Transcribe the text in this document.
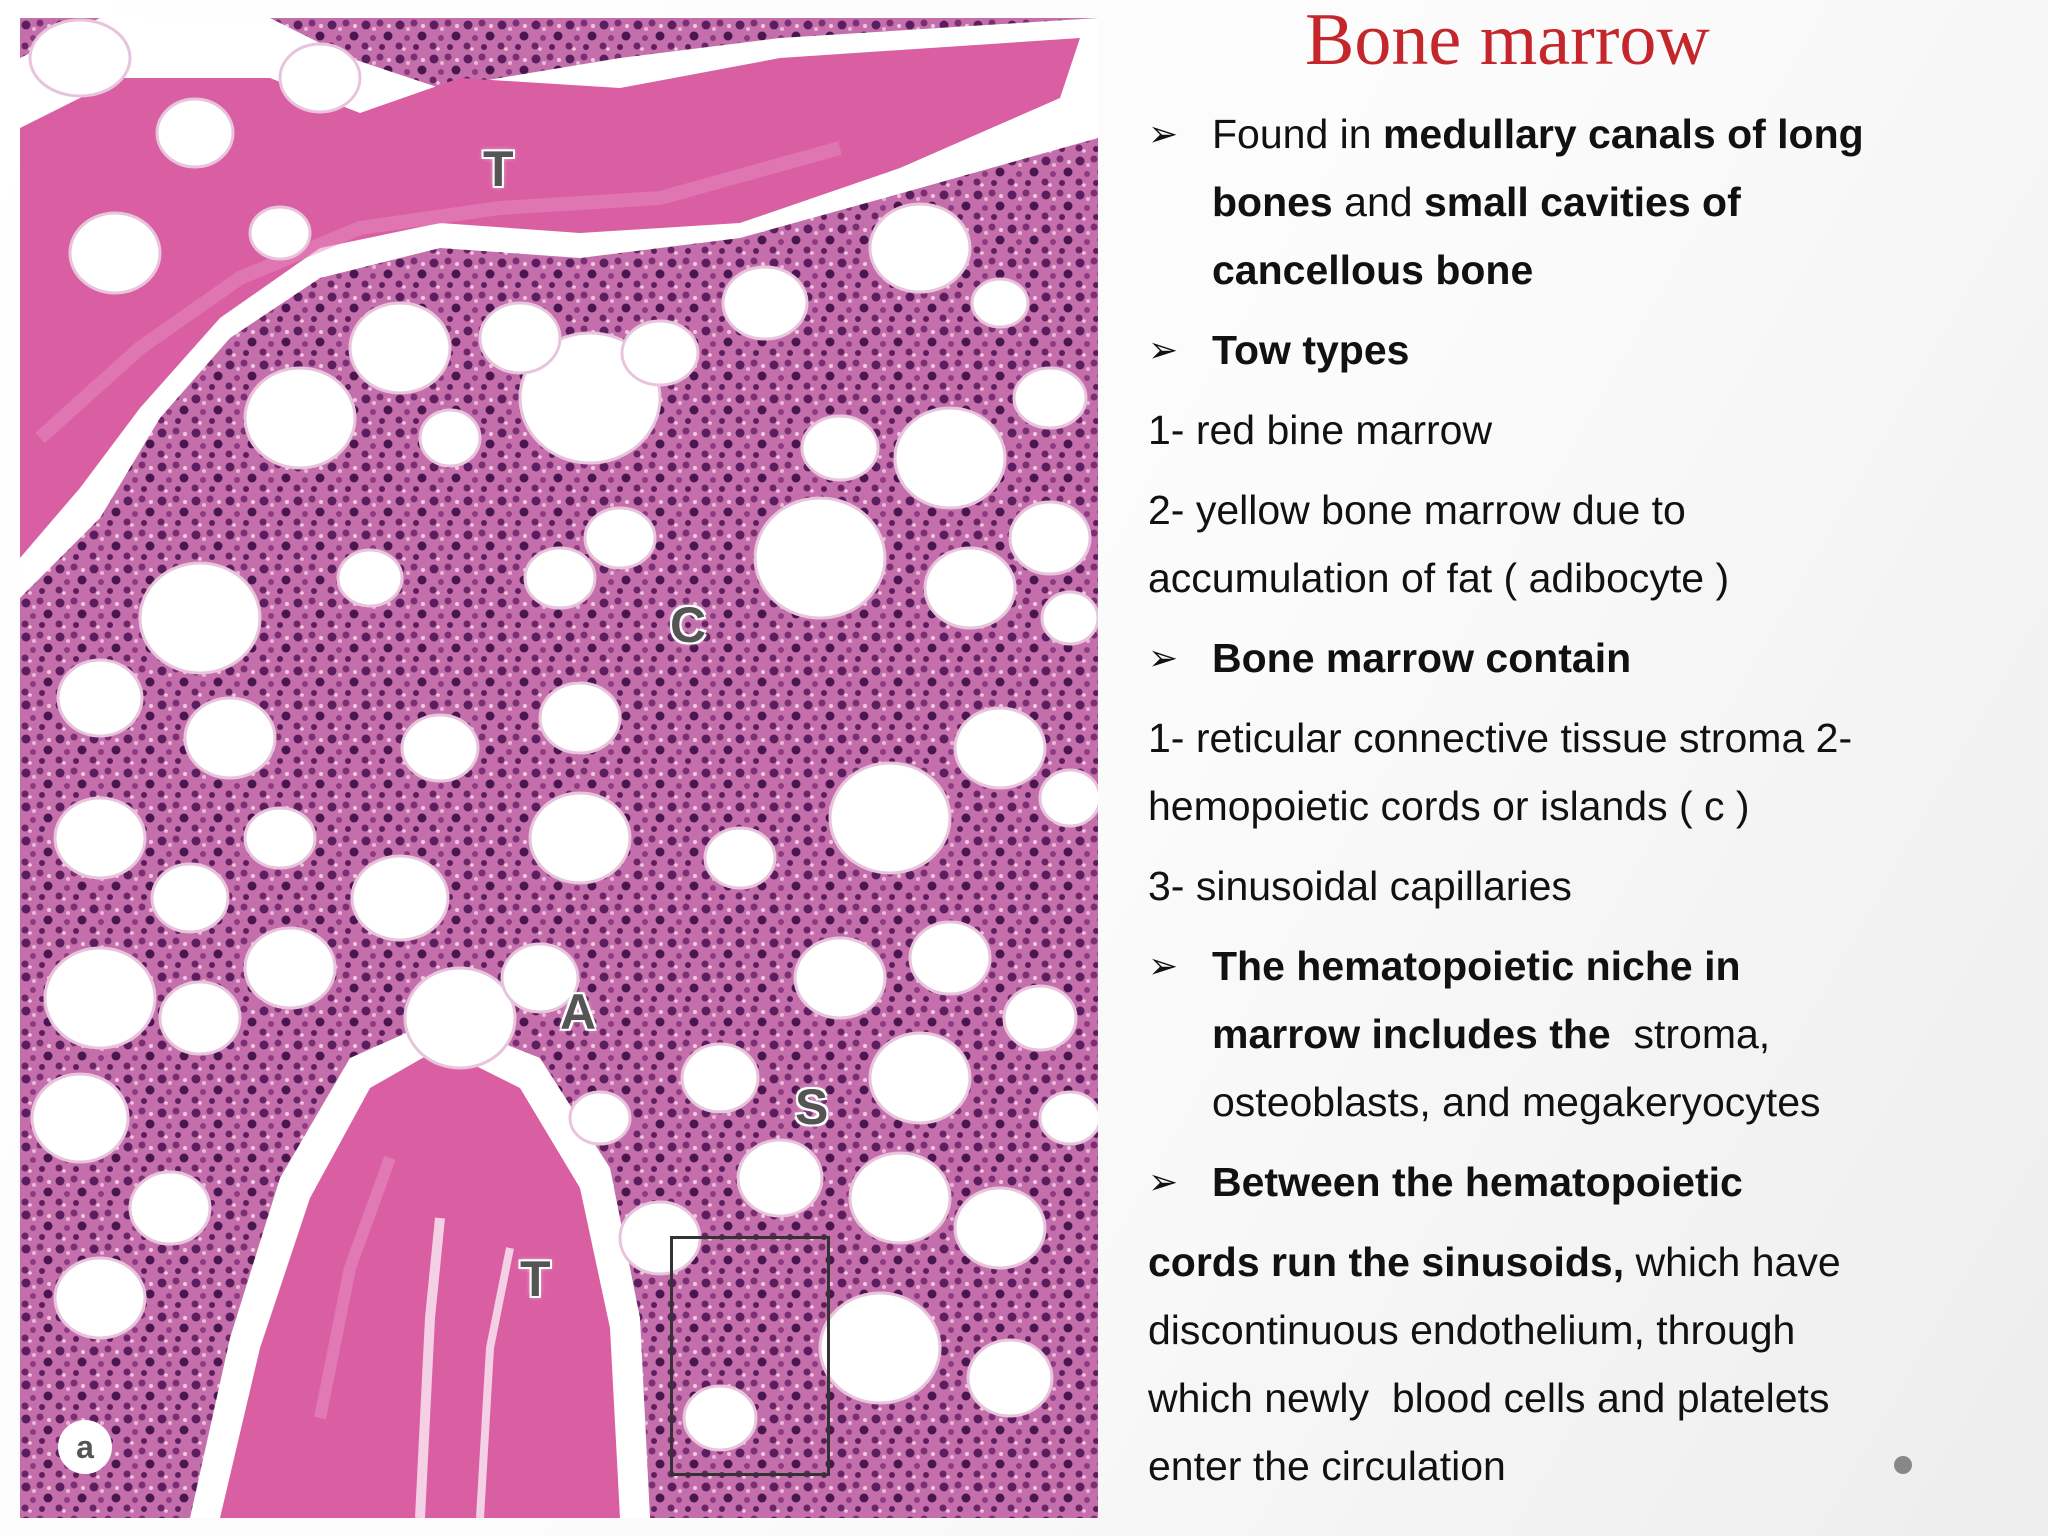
T
C
A
S
T
a
Bone marrow
➢ Found in medullary canals of long
bones and small cavities of
cancellous bone
➢ Tow types
1- red bine marrow
2- yellow bone marrow due to
accumulation of fat ( adibocyte )
➢ Bone marrow contain
1- reticular connective tissue stroma 2-
hemopoietic cords or islands ( c )
3- sinusoidal capillaries
➢ The hematopoietic niche in
marrow includes the  stroma,
osteoblasts, and megakeryocytes
➢ Between the hematopoietic
cords run the sinusoids, which have
discontinuous endothelium, through
which newly  blood cells and platelets
enter the circulation
